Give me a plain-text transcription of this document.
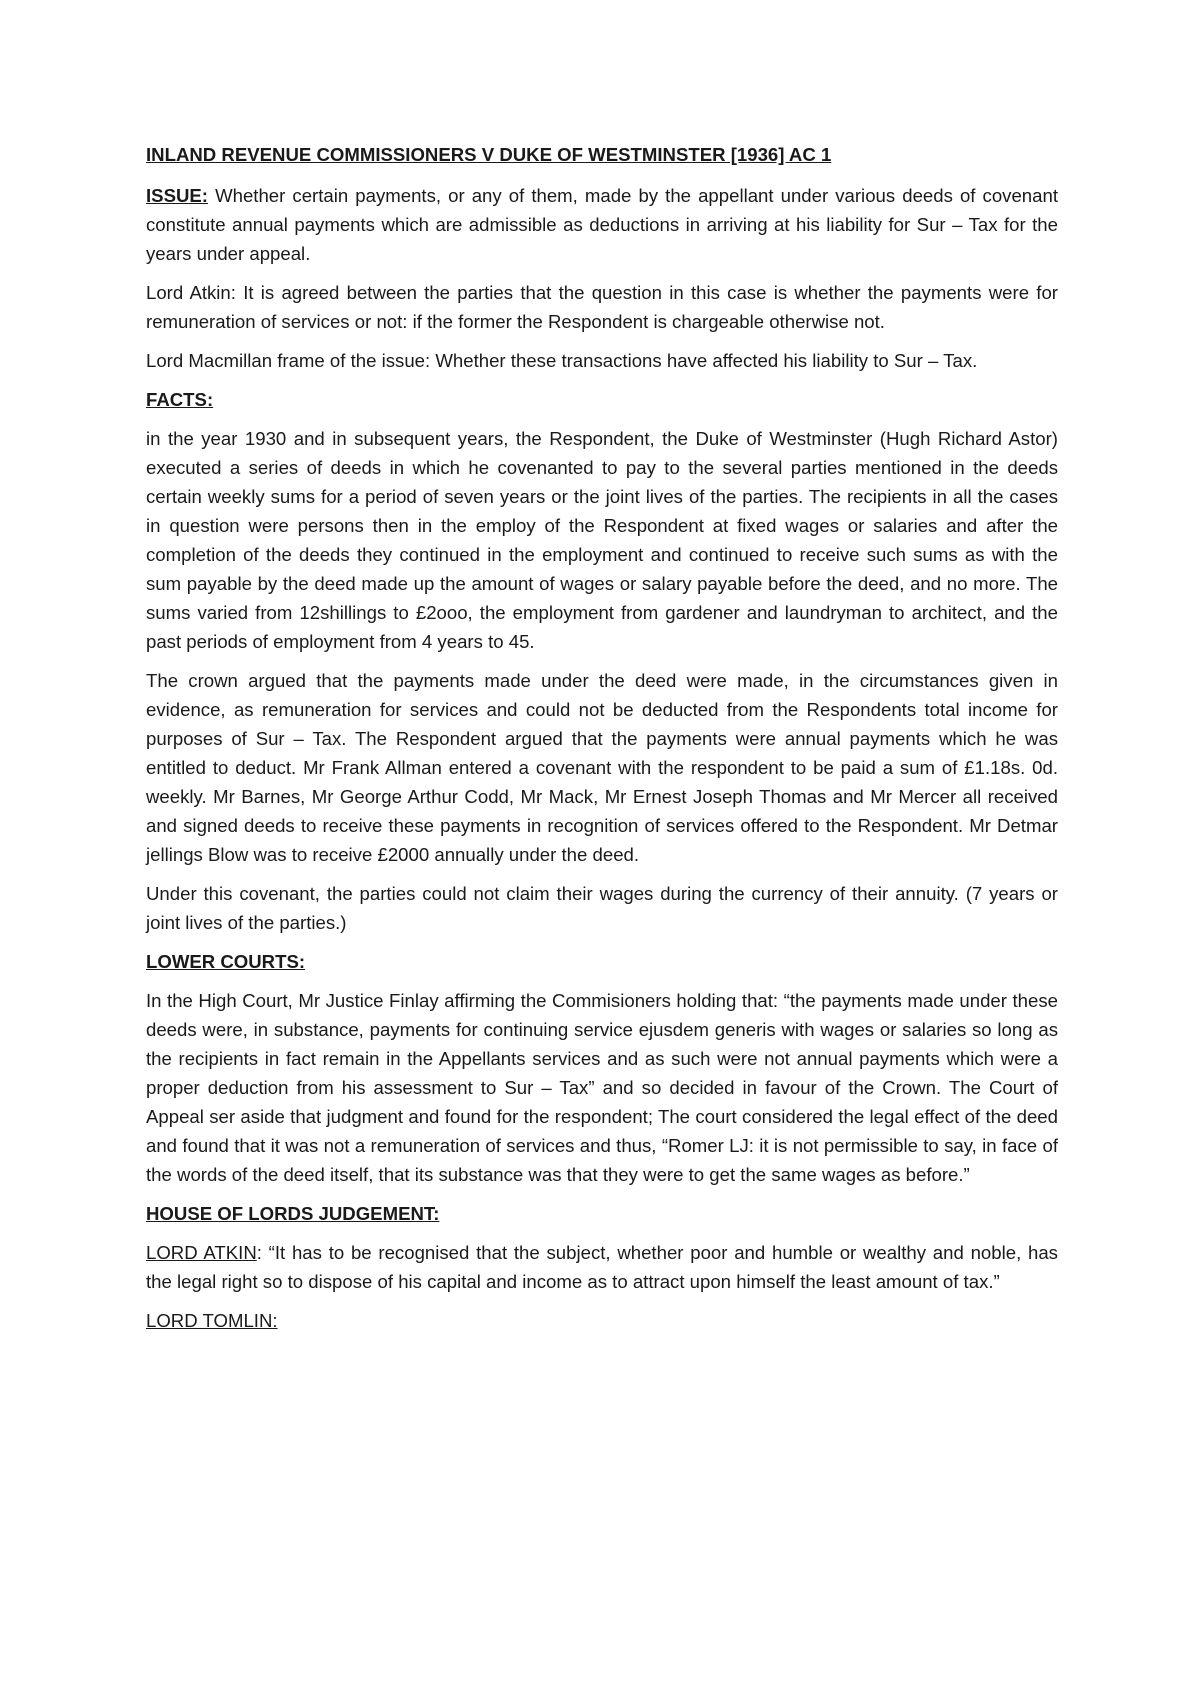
INLAND REVENUE COMMISSIONERS V DUKE OF WESTMINSTER [1936] AC 1

ISSUE: Whether certain payments, or any of them, made by the appellant under various deeds of covenant constitute annual payments which are admissible as deductions in arriving at his liability for Sur – Tax for the years under appeal.

Lord Atkin: It is agreed between the parties that the question in this case is whether the payments were for remuneration of services or not: if the former the Respondent is chargeable otherwise not.

Lord Macmillan frame of the issue: Whether these transactions have affected his liability to Sur – Tax.

FACTS:

in the year 1930 and in subsequent years, the Respondent, the Duke of Westminster (Hugh Richard Astor) executed a series of deeds in which he covenanted to pay to the several parties mentioned in the deeds certain weekly sums for a period of seven years or the joint lives of the parties. The recipients in all the cases in question were persons then in the employ of the Respondent at fixed wages or salaries and after the completion of the deeds they continued in the employment and continued to receive such sums as with the sum payable by the deed made up the amount of wages or salary payable before the deed, and no more. The sums varied from 12shillings to £2ooo, the employment from gardener and laundryman to architect, and the past periods of employment from 4 years to 45.

The crown argued that the payments made under the deed were made, in the circumstances given in evidence, as remuneration for services and could not be deducted from the Respondents total income for purposes of Sur – Tax. The Respondent argued that the payments were annual payments which he was entitled to deduct. Mr Frank Allman entered a covenant with the respondent to be paid a sum of £1.18s. 0d. weekly. Mr Barnes, Mr George Arthur Codd, Mr Mack, Mr Ernest Joseph Thomas and Mr Mercer all received and signed deeds to receive these payments in recognition of services offered to the Respondent. Mr Detmar jellings Blow was to receive £2000 annually under the deed.

Under this covenant, the parties could not claim their wages during the currency of their annuity. (7 years or joint lives of the parties.)

LOWER COURTS:

In the High Court, Mr Justice Finlay affirming the Commisioners holding that: “the payments made under these deeds were, in substance, payments for continuing service ejusdem generis with wages or salaries so long as the recipients in fact remain in the Appellants services and as such were not annual payments which were a proper deduction from his assessment to Sur – Tax” and so decided in favour of the Crown. The Court of Appeal ser aside that judgment and found for the respondent; The court considered the legal effect of the deed and found that it was not a remuneration of services and thus, “Romer LJ: it is not permissible to say, in face of the words of the deed itself, that its substance was that they were to get the same wages as before.”

HOUSE OF LORDS JUDGEMENT:

LORD ATKIN: “It has to be recognised that the subject, whether poor and humble or wealthy and noble, has the legal right so to dispose of his capital and income as to attract upon himself the least amount of tax.”

LORD TOMLIN:
